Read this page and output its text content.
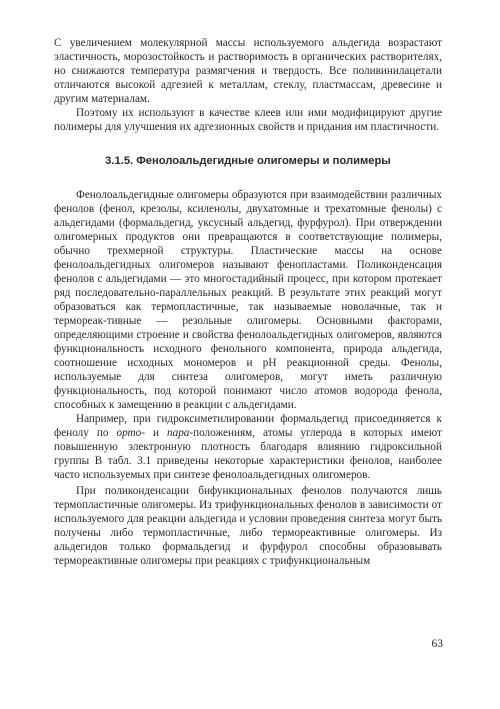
С увеличением молекулярной массы используемого альдегида возрастают эластичность, морозостойкость и растворимость в органических растворителях, но снижаются температура размягчения и твердость. Все поливинилацетали отличаются высокой адгезией к металлам, стеклу, пластмассам, древесине и другим материалам.

Поэтому их используют в качестве клеев или ими модифицируют другие полимеры для улучшения их адгезионных свойств и придания им пластичности.

3.1.5. Фенолоальдегидные олигомеры и полимеры

Фенолоальдегидные олигомеры образуются при взаимодействии различных фенолов (фенол, крезолы, ксиленолы, двухатомные и трехатомные фенолы) с альдегидами (формальдегид, уксусный альдегид, фурфурол). При отверждении олигомерных продуктов они превращаются в соответствующие полимеры, обычно трехмерной структуры. Пластические массы на основе фенолоальдегидных олигомеров называют фенопластами. Поликонденсация фенолов с альдегидами — это многостадийный процесс, при котором протекает ряд последовательно-параллельных реакций. В результате этих реакций могут образоваться как термопластичные, так называемые новолачные, так и термореак-тивные — резольные олигомеры. Основными факторами, определяющими строение и свойства фенолоальдегидных олигомеров, являются функциональность исходного фенольного компонента, природа альдегида, соотношение исходных мономеров и pH реакционной среды. Фенолы, используемые для синтеза олигомеров, могут иметь различную функциональность, под которой понимают число атомов водорода фенола, способных к замещению в реакции с альдегидами.

Например, при гидроксиметилировании формальдегид присоединяется к фенолу по орто- и пара-положениям, атомы углерода в которых имеют повышенную электронную плотность благодаря влиянию гидроксильной группы В табл. 3.1 приведены некоторые характеристики фенолов, наиболее часто используемых при синтезе фенолоальдегидных олигомеров.

При поликонденсации бифункциональных фенолов получаются лишь термопластичные олигомеры. Из трифункциональных фенолов в зависимости от используемого для реакции альдегида и условии проведения синтеза могут быть получены либо термопластичные, либо термореактивные олигомеры. Из альдегидов только формальдегид и фурфурол способны образовывать термореактивные олигомеры при реакциях с трифункциональным

63
